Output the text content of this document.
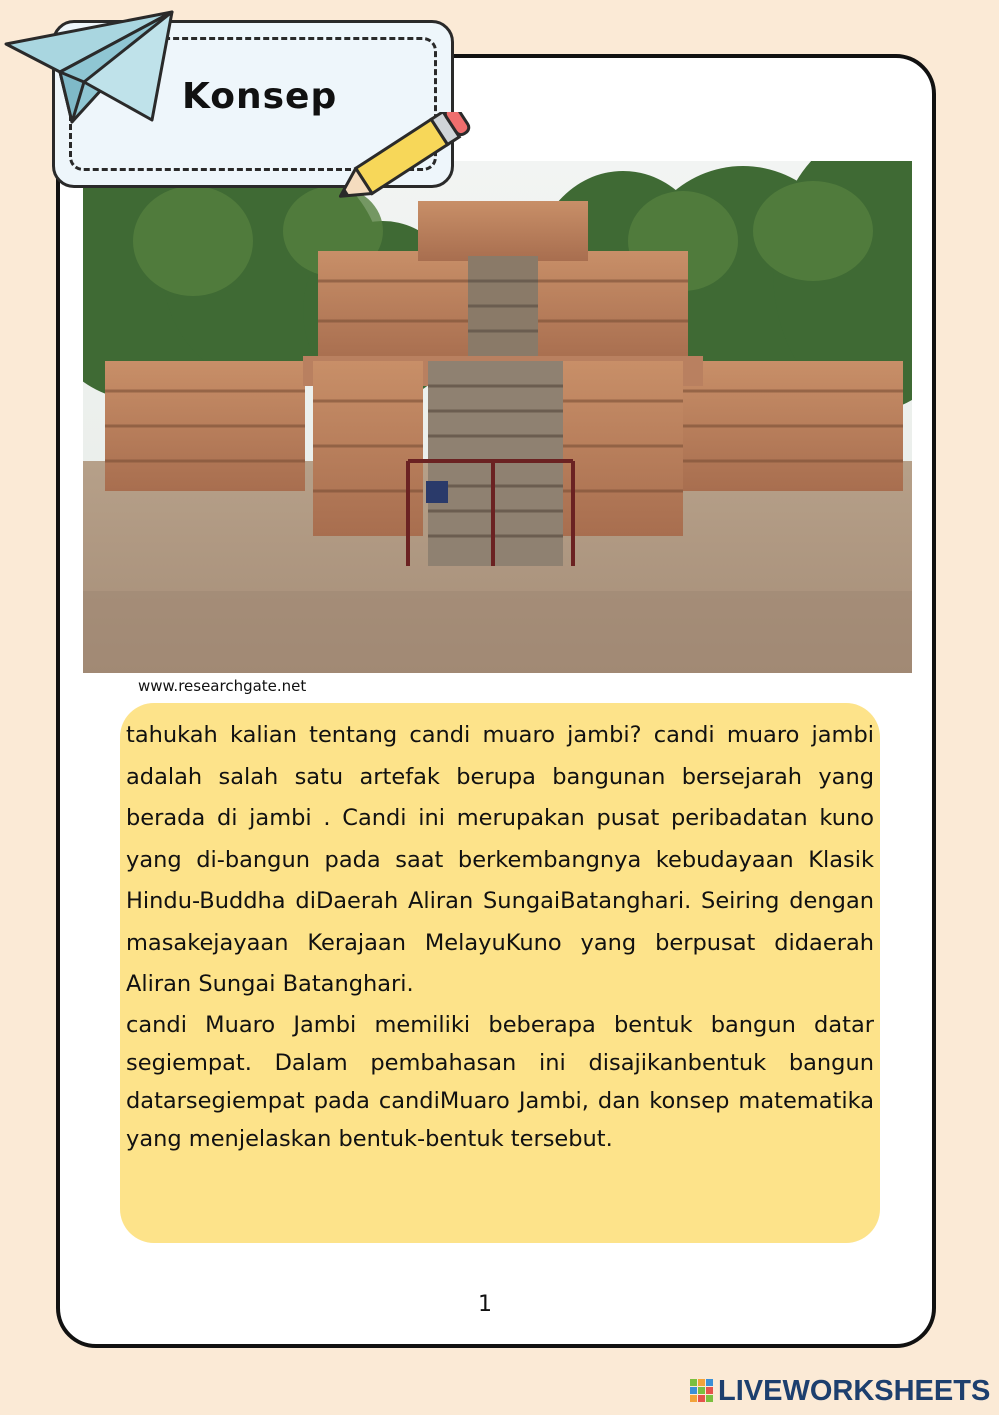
Konsep
www.researchgate.net

tahukah kalian tentang candi muaro jambi? candi muaro jambi adalah salah satu artefak berupa bangunan bersejarah yang berada di jambi . Candi ini merupakan pusat peribadatan kuno yang di-bangun pada saat berkembangnya kebudayaan Klasik Hindu-Buddha diDaerah Aliran SungaiBatanghari. Seiring dengan masakejayaan Kerajaan MelayuKuno yang berpusat didaerah Aliran Sungai Batanghari.

candi Muaro Jambi memiliki beberapa bentuk bangun datar segiempat. Dalam pembahasan ini disajikanbentuk bangun datarsegiempat pada candiMuaro Jambi, dan konsep matematika yang menjelaskan bentuk-bentuk tersebut.

1
LIVEWORKSHEETS
